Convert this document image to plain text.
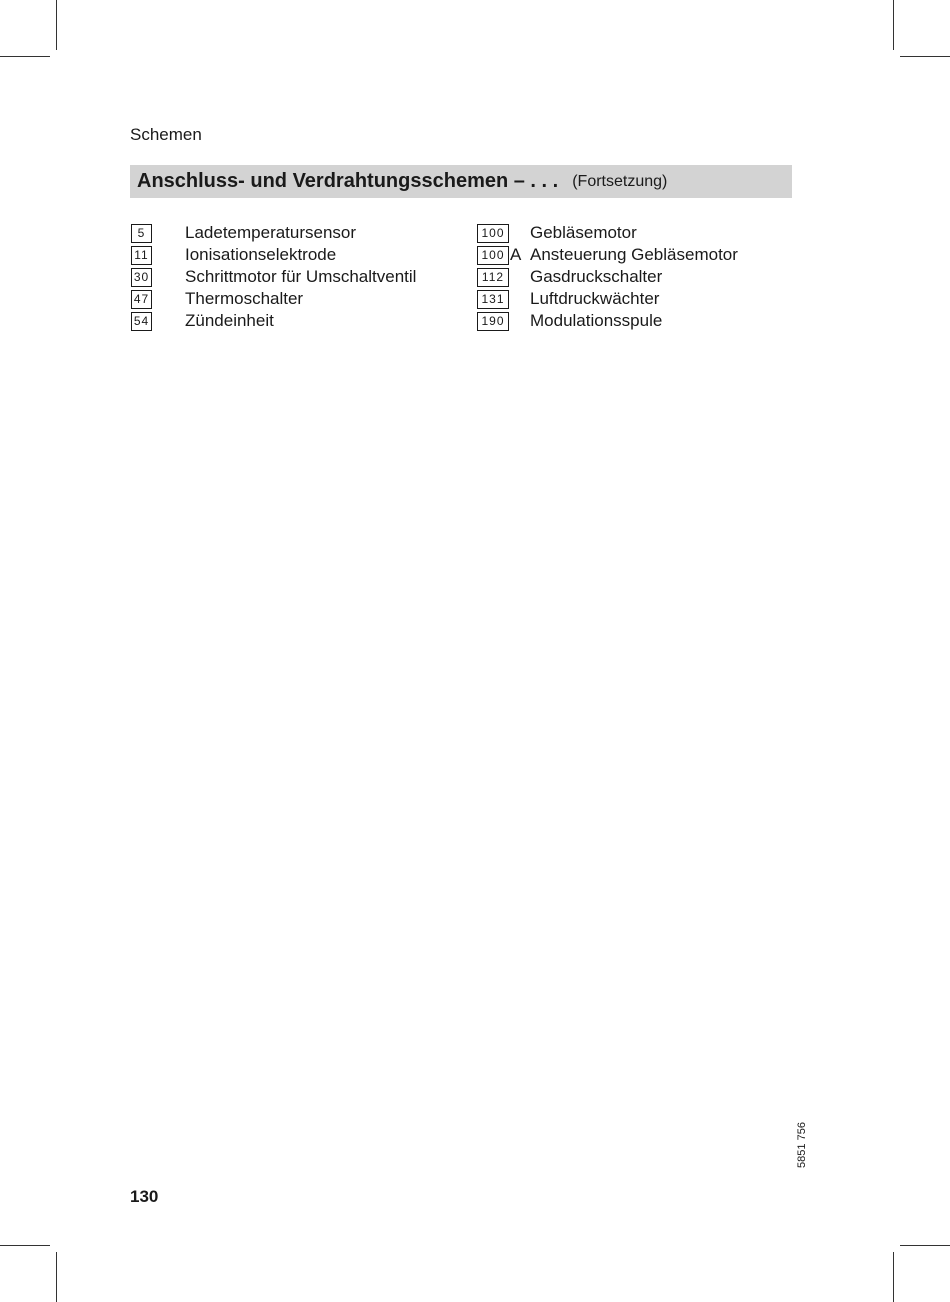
Schemen
Anschluss- und Verdrahtungsschemen – . . . (Fortsetzung)
5	Ladetemperatursensor
11 Ionisationselektrode
30 Schrittmotor für Umschaltventil
47 Thermoschalter
54 Zündeinheit
100 Gebläsemotor
100 A Ansteuerung Gebläsemotor
112 Gasdruckschalter
131 Luftdruckwächter
190 Modulationsspule
5851 756
130
